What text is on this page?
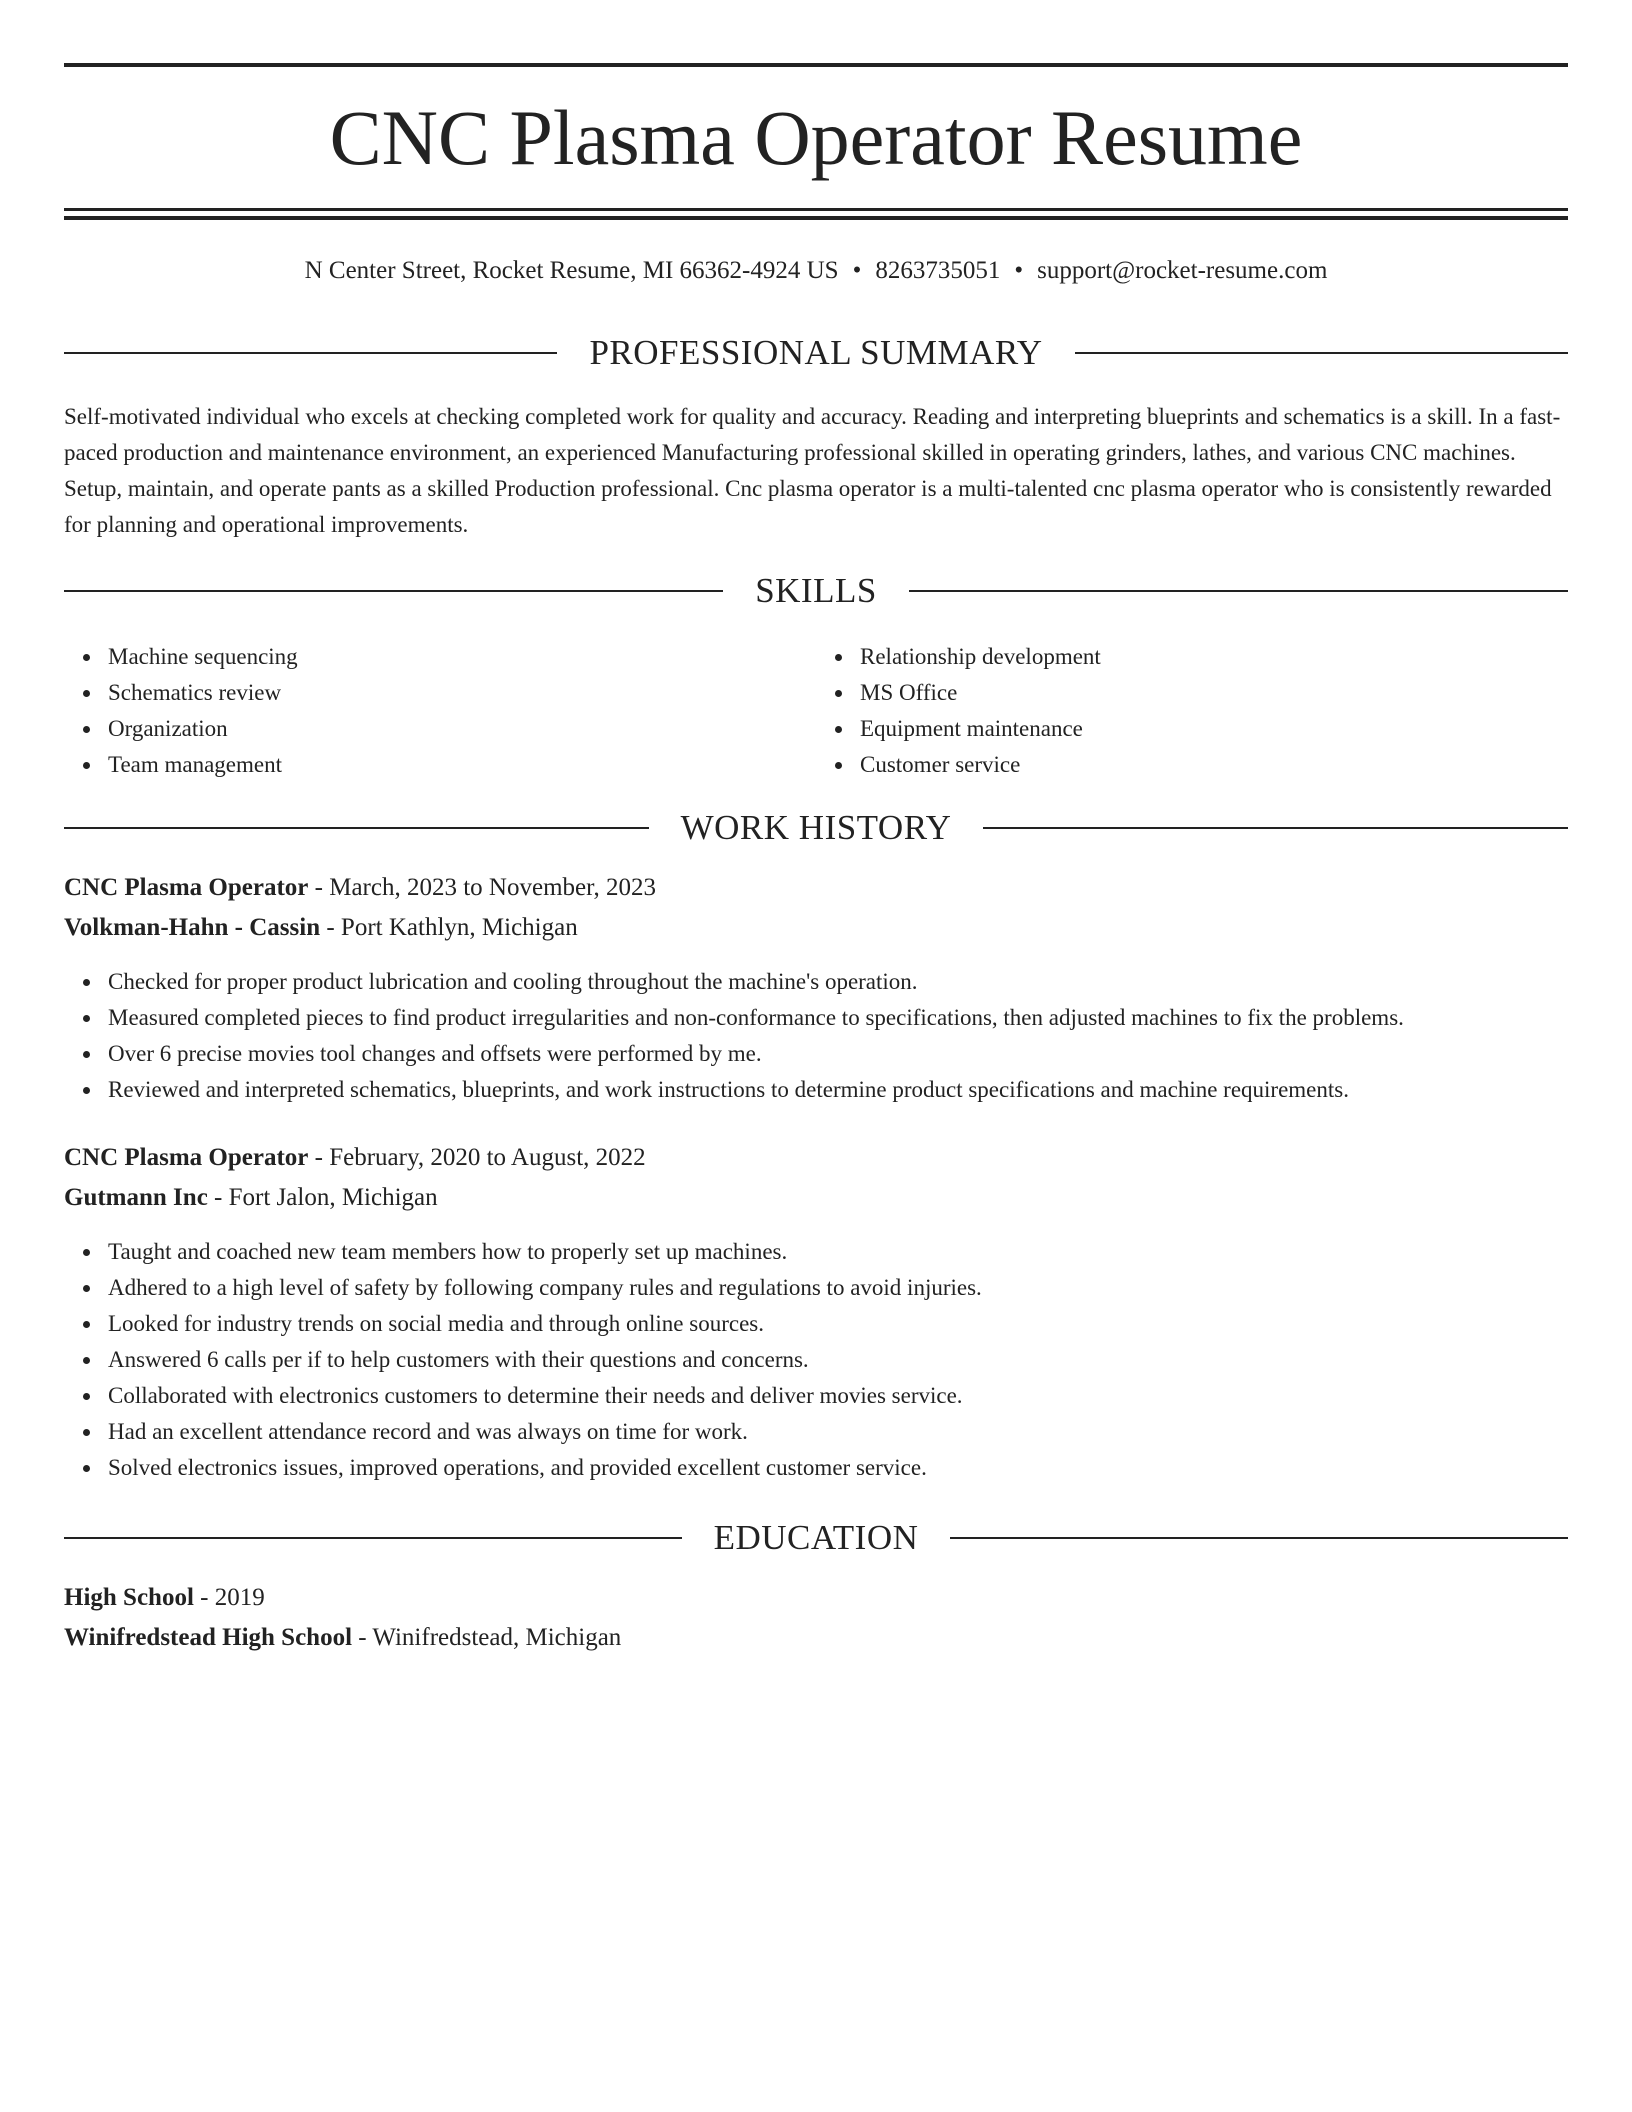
CNC Plasma Operator Resume
N Center Street, Rocket Resume, MI 66362-4924 US • 8263735051 • support@rocket-resume.com
PROFESSIONAL SUMMARY

Self-motivated individual who excels at checking completed work for quality and accuracy. Reading and interpreting blueprints and schematics is a skill. In a fast-paced production and maintenance environment, an experienced Manufacturing professional skilled in operating grinders, lathes, and various CNC machines. Setup, maintain, and operate pants as a skilled Production professional. Cnc plasma operator is a multi-talented cnc plasma operator who is consistently rewarded for planning and operational improvements.

SKILLS
Machine sequencing
Schematics review
Organization
Team management
Relationship development
MS Office
Equipment maintenance
Customer service
WORK HISTORY
CNC Plasma Operator - March, 2023 to November, 2023
Volkman-Hahn - Cassin - Port Kathlyn, Michigan
Checked for proper product lubrication and cooling throughout the machine's operation.
Measured completed pieces to find product irregularities and non-conformance to specifications, then adjusted machines to fix the problems.
Over 6 precise movies tool changes and offsets were performed by me.
Reviewed and interpreted schematics, blueprints, and work instructions to determine product specifications and machine requirements.
CNC Plasma Operator - February, 2020 to August, 2022
Gutmann Inc - Fort Jalon, Michigan
Taught and coached new team members how to properly set up machines.
Adhered to a high level of safety by following company rules and regulations to avoid injuries.
Looked for industry trends on social media and through online sources.
Answered 6 calls per if to help customers with their questions and concerns.
Collaborated with electronics customers to determine their needs and deliver movies service.
Had an excellent attendance record and was always on time for work.
Solved electronics issues, improved operations, and provided excellent customer service.
EDUCATION
High School - 2019
Winifredstead High School - Winifredstead, Michigan
